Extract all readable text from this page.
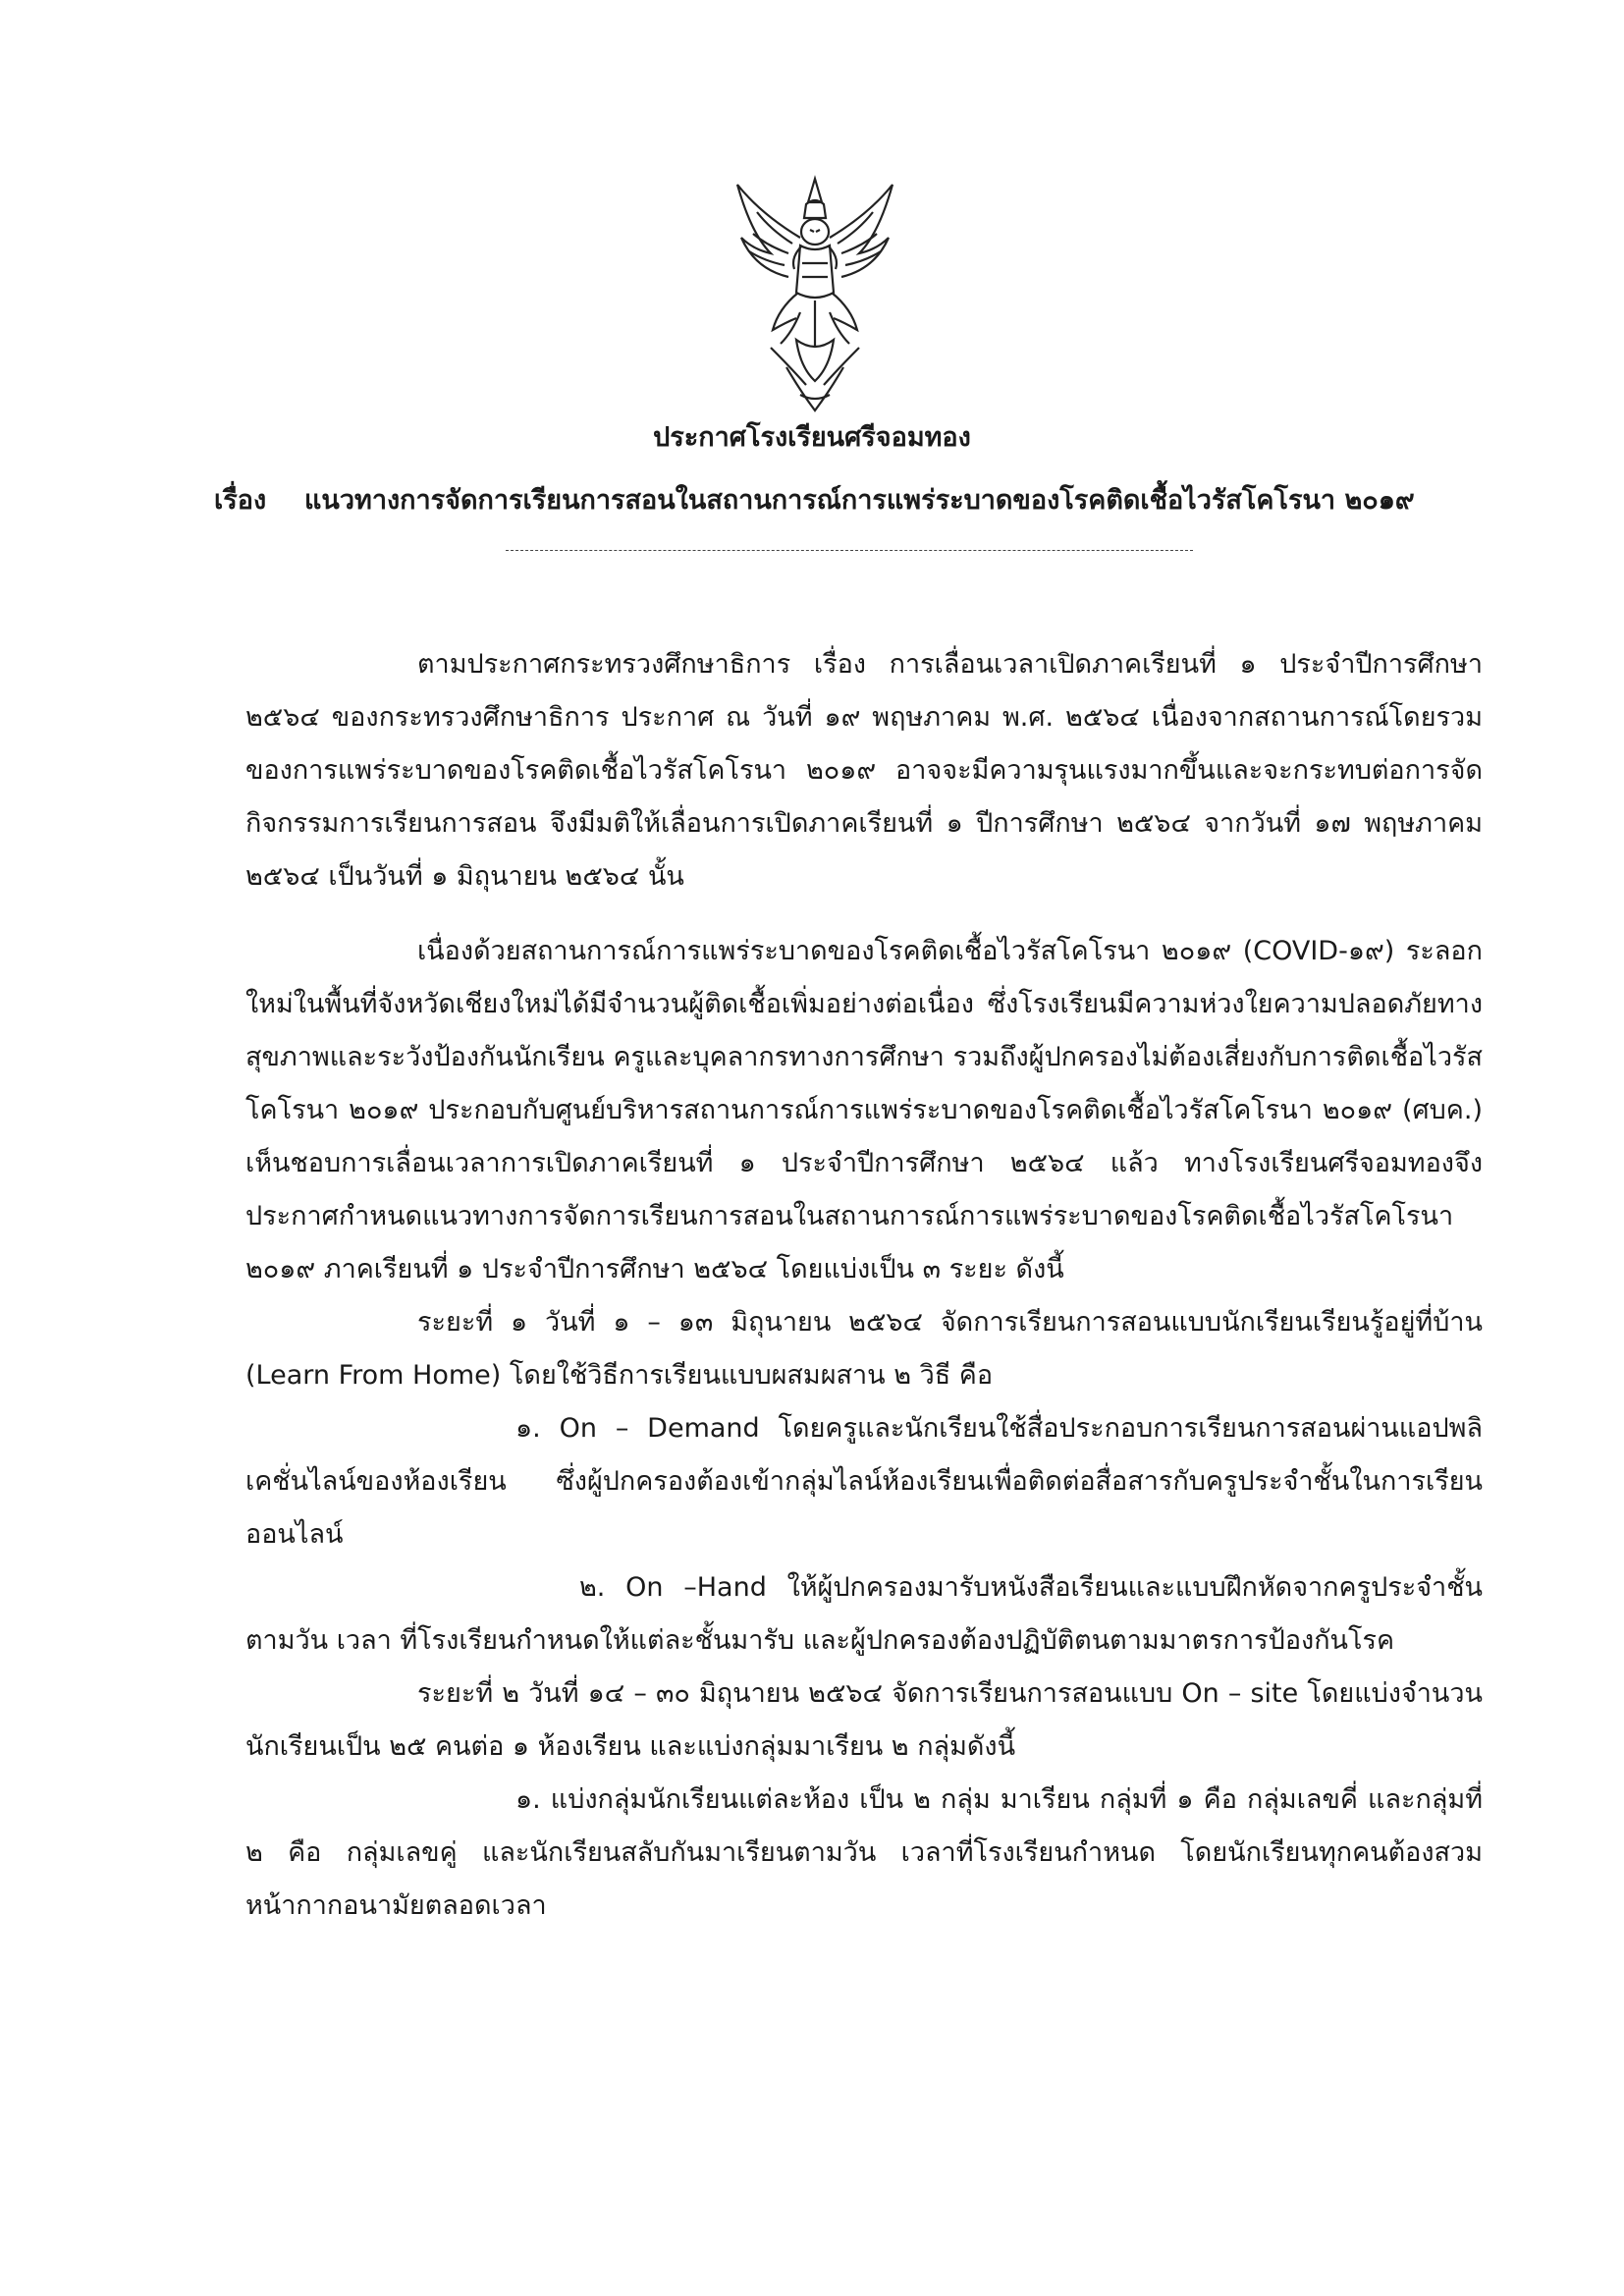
ประกาศโรงเรียนศรีจอมทอง
เรื่อง แนวทางการจัดการเรียนการสอนในสถานการณ์การแพร่ระบาดของโรคติดเชื้อไวรัสโคโรนา ๒๐๑๙

ตามประกาศกระทรวงศึกษาธิการ เรื่อง การเลื่อนเวลาเปิดภาคเรียนที่ ๑ ประจำปีการศึกษา ๒๕๖๔ ของกระทรวงศึกษาธิการ ประกาศ ณ วันที่ ๑๙ พฤษภาคม พ.ศ. ๒๕๖๔ เนื่องจากสถานการณ์โดยรวมของการแพร่ระบาดของโรคติดเชื้อไวรัสโคโรนา ๒๐๑๙ อาจจะมีความรุนแรงมากขึ้นและจะกระทบต่อการจัดกิจกรรมการเรียนการสอน จึงมีมติให้เลื่อนการเปิดภาคเรียนที่ ๑ ปีการศึกษา ๒๕๖๔ จากวันที่ ๑๗ พฤษภาคม ๒๕๖๔ เป็นวันที่ ๑ มิถุนายน ๒๕๖๔ นั้น

เนื่องด้วยสถานการณ์การแพร่ระบาดของโรคติดเชื้อไวรัสโคโรนา ๒๐๑๙ (COVID-๑๙) ระลอกใหม่ในพื้นที่จังหวัดเชียงใหม่ได้มีจำนวนผู้ติดเชื้อเพิ่มอย่างต่อเนื่อง ซึ่งโรงเรียนมีความห่วงใยความปลอดภัยทางสุขภาพและระวังป้องกันนักเรียน ครูและบุคลากรทางการศึกษา รวมถึงผู้ปกครองไม่ต้องเสี่ยงกับการติดเชื้อไวรัสโคโรนา ๒๐๑๙ ประกอบกับศูนย์บริหารสถานการณ์การแพร่ระบาดของโรคติดเชื้อไวรัสโคโรนา ๒๐๑๙ (ศบค.) เห็นชอบการเลื่อนเวลาการเปิดภาคเรียนที่ ๑ ประจำปีการศึกษา ๒๕๖๔ แล้ว ทางโรงเรียนศรีจอมทองจึงประกาศกำหนดแนวทางการจัดการเรียนการสอนในสถานการณ์การแพร่ระบาดของโรคติดเชื้อไวรัสโคโรนา ๒๐๑๙ ภาคเรียนที่ ๑ ประจำปีการศึกษา ๒๕๖๔ โดยแบ่งเป็น ๓ ระยะ ดังนี้

ระยะที่ ๑ วันที่ ๑ – ๑๓ มิถุนายน ๒๕๖๔ จัดการเรียนการสอนแบบนักเรียนเรียนรู้อยู่ที่บ้าน (Learn From Home) โดยใช้วิธีการเรียนแบบผสมผสาน ๒ วิธี คือ

๑. On – Demand โดยครูและนักเรียนใช้สื่อประกอบการเรียนการสอนผ่านแอปพลิเคชั่นไลน์ของห้องเรียน ซึ่งผู้ปกครองต้องเข้ากลุ่มไลน์ห้องเรียนเพื่อติดต่อสื่อสารกับครูประจำชั้นในการเรียนออนไลน์

๒. On –Hand ให้ผู้ปกครองมารับหนังสือเรียนและแบบฝึกหัดจากครูประจำชั้นตามวัน เวลา ที่โรงเรียนกำหนดให้แต่ละชั้นมารับ และผู้ปกครองต้องปฏิบัติตนตามมาตรการป้องกันโรค

ระยะที่ ๒ วันที่ ๑๔ – ๓๐ มิถุนายน ๒๕๖๔ จัดการเรียนการสอนแบบ On – site โดยแบ่งจำนวนนักเรียนเป็น ๒๕ คนต่อ ๑ ห้องเรียน และแบ่งกลุ่มมาเรียน ๒ กลุ่มดังนี้

๑. แบ่งกลุ่มนักเรียนแต่ละห้อง เป็น ๒ กลุ่ม มาเรียน กลุ่มที่ ๑ คือ กลุ่มเลขคี่ และกลุ่มที่ ๒ คือ กลุ่มเลขคู่ และนักเรียนสลับกันมาเรียนตามวัน เวลาที่โรงเรียนกำหนด โดยนักเรียนทุกคนต้องสวมหน้ากากอนามัยตลอดเวลา
